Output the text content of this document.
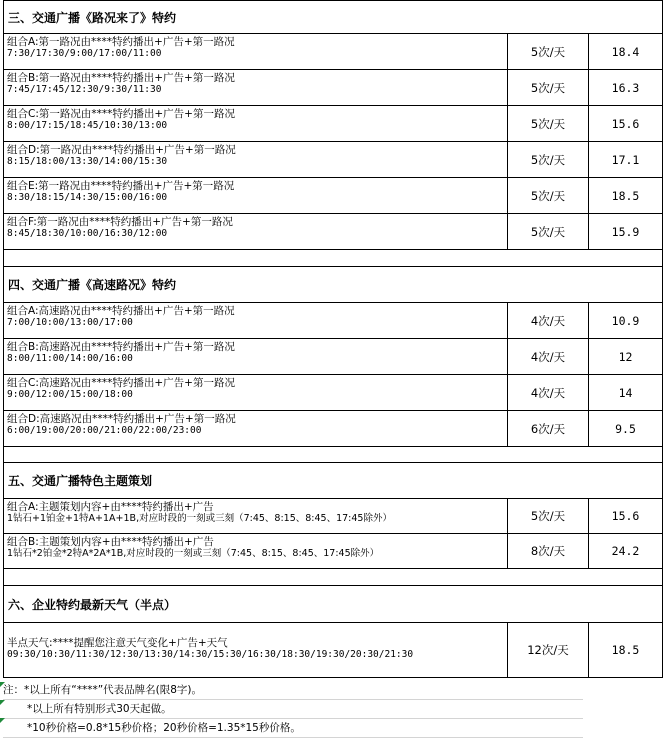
三、交通广播《路况来了》特约
组合A:第一路况由****特约播出+广告+第一路况
7:30/17:30/9:00/17:00/11:00	5次/天	18.4
组合B:第一路况由****特约播出+广告+第一路况
7:45/17:45/12:30/9:30/11:30	5次/天	16.3
组合C:第一路况由****特约播出+广告+第一路况
8:00/17:15/18:45/10:30/13:00	5次/天	15.6
组合D:第一路况由****特约播出+广告+第一路况
8:15/18:00/13:30/14:00/15:30	5次/天	17.1
组合E:第一路况由****特约播出+广告+第一路况
8:30/18:15/14:30/15:00/16:00	5次/天	18.5
组合F:第一路况由****特约播出+广告+第一路况
8:45/18:30/10:00/16:30/12:00	5次/天	15.9
四、交通广播《高速路况》特约
组合A:高速路况由****特约播出+广告+第一路况
7:00/10:00/13:00/17:00	4次/天	10.9
组合B:高速路况由****特约播出+广告+第一路况
8:00/11:00/14:00/16:00	4次/天	12
组合C:高速路况由****特约播出+广告+第一路况
9:00/12:00/15:00/18:00	4次/天	14
组合D:高速路况由****特约播出+广告+第一路况
6:00/19:00/20:00/21:00/22:00/23:00	6次/天	9.5
五、交通广播特色主题策划
组合A:主题策划内容+由****特约播出+广告
1钻石+1铂金+1特A+1A+1B,对应时段的一刻或三刻（7:45、8:15、8:45、17:45除外）	5次/天	15.6
组合B:主题策划内容+由****特约播出+广告
1钻石*2铂金*2特A*2A*1B,对应时段的一刻或三刻（7:45、8:15、8:45、17:45除外）	8次/天	24.2
六、企业特约最新天气（半点）
半点天气:****提醒您注意天气变化+广告+天气
09:30/10:30/11:30/12:30/13:30/14:30/15:30/16:30/18:30/19:30/20:30/21:30	12次/天	18.5
注：*以上所有“****”代表品牌名(限8字)。
*以上所有特别形式30天起做。
*10秒价格=0.8*15秒价格；20秒价格=1.35*15秒价格。
